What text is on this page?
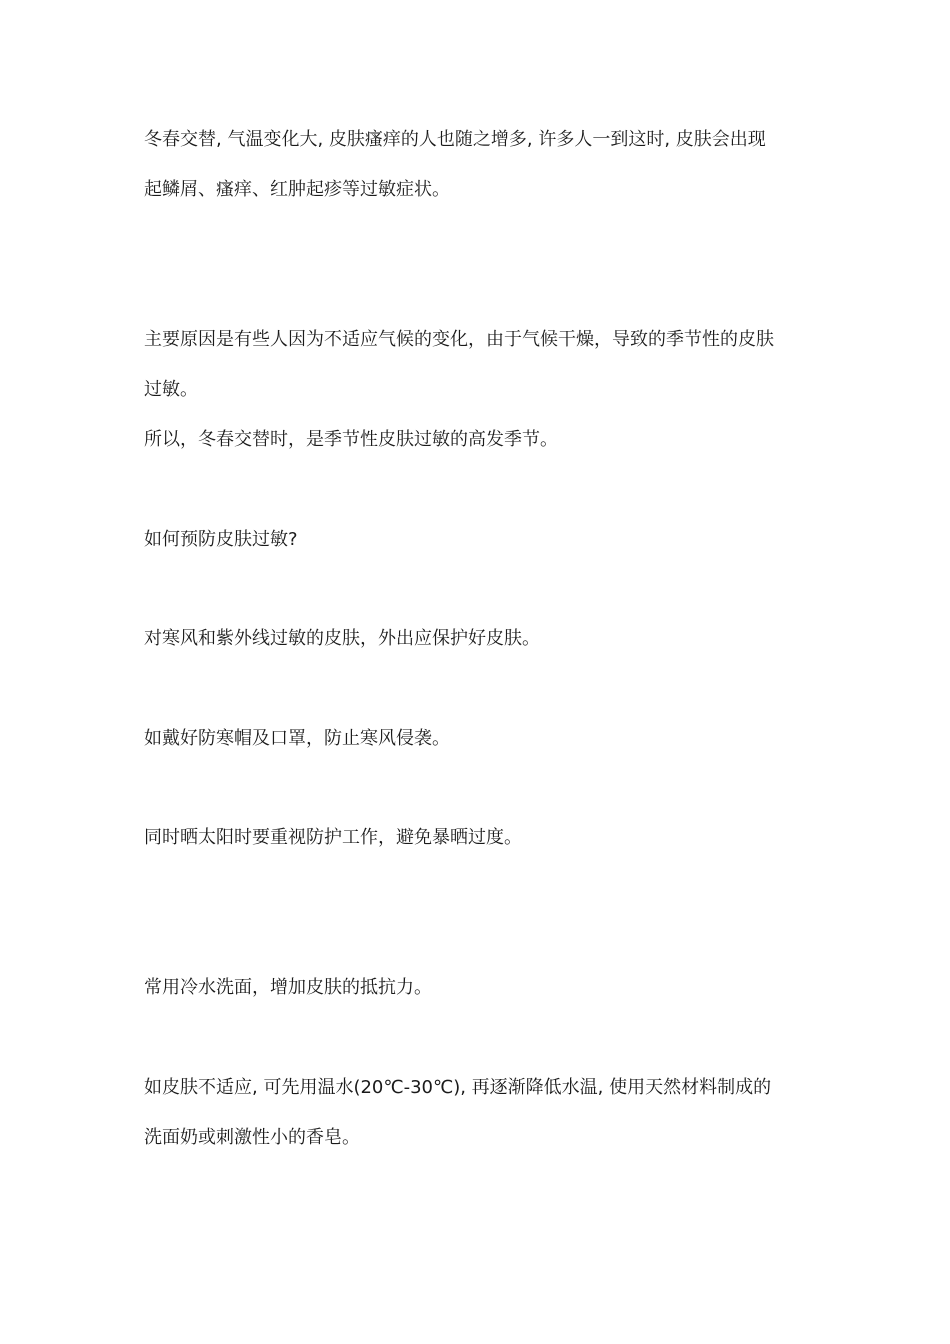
冬春交替, 气温变化大, 皮肤瘙痒的人也随之增多, 许多人一到这时, 皮肤会出现
起鳞屑、瘙痒、红肿起疹等过敏症状。
主要原因是有些人因为不适应气候的变化，由于气候干燥，导致的季节性的皮肤
过敏。
所以，冬春交替时，是季节性皮肤过敏的高发季节。
如何预防皮肤过敏?
对寒风和紫外线过敏的皮肤，外出应保护好皮肤。
如戴好防寒帽及口罩，防止寒风侵袭。
同时晒太阳时要重视防护工作，避免暴晒过度。
常用冷水洗面，增加皮肤的抵抗力。
如皮肤不适应, 可先用温水(20℃-30℃), 再逐渐降低水温, 使用天然材料制成的
洗面奶或刺激性小的香皂。
